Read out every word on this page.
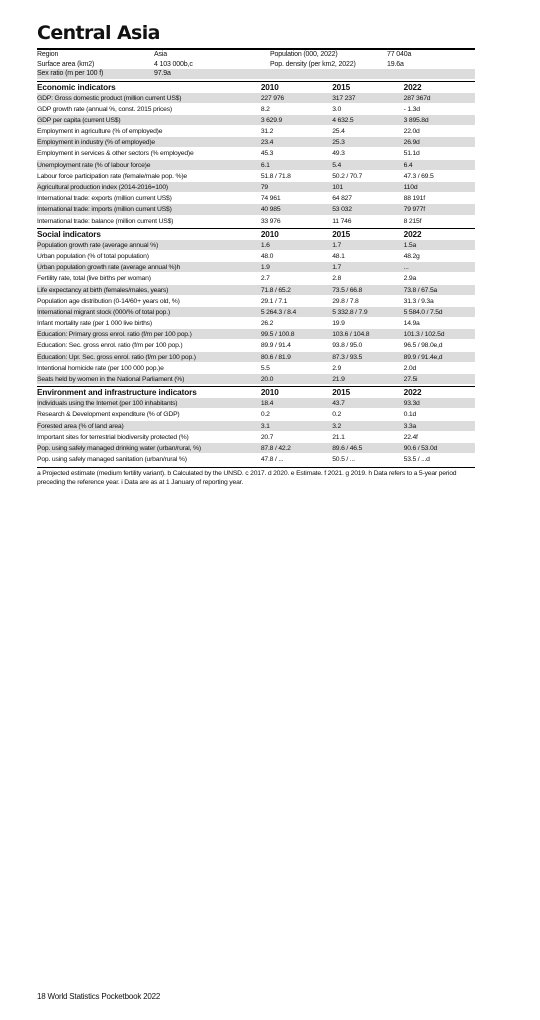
Central Asia
Region	Asia	Population (000, 2022)	77 040a
Surface area (km2)	4 103 000b,c	Pop. density (per km2, 2022)	19.6a
Sex ratio (m per 100 f)	97.9a
Economic indicators	2010	2015	2022
GDP: Gross domestic product (million current US$)	227 976	317 237	287 367d
GDP growth rate (annual %, const. 2015 prices)	8.2	3.0	- 1.3d
GDP per capita (current US$)	3 629.9	4 632.5	3 895.8d
Employment in agriculture (% of employed)e	31.2	25.4	22.0d
Employment in industry (% of employed)e	23.4	25.3	26.9d
Employment in services & other sectors (% employed)e	45.3	49.3	51.1d
Unemployment rate (% of labour force)e	6.1	5.4	6.4
Labour force participation rate (female/male pop. %)e	51.8 / 71.8	50.2 / 70.7	47.3 / 69.5
Agricultural production index (2014-2016=100)	79	101	110d
International trade: exports (million current US$)	74 961	64 827	88 191f
International trade: imports (million current US$)	40 985	53 032	79 977f
International trade: balance (million current US$)	33 976	11 746	8 215f
Social indicators	2010	2015	2022
Population growth rate (average annual %)	1.6	1.7	1.5a
Urban population (% of total population)	48.0	48.1	48.2g
Urban population growth rate (average annual %)h	1.9	1.7	...
Fertility rate, total (live births per woman)	2.7	2.8	2.9a
Life expectancy at birth (females/males, years)	71.8 / 65.2	73.5 / 66.8	73.8 / 67.5a
Population age distribution (0-14/60+ years old, %)	29.1 / 7.1	29.8 / 7.8	31.3 / 9.3a
International migrant stock (000/% of total pop.)	5 264.3 / 8.4	5 332.8 / 7.9	5 584.0 / 7.5d
Infant mortality rate (per 1 000 live births)	26.2	19.9	14.9a
Education: Primary gross enrol. ratio (f/m per 100 pop.)	99.5 / 100.8	103.6 / 104.8	101.3 / 102.5d
Education: Sec. gross enrol. ratio (f/m per 100 pop.)	89.9 / 91.4	93.8 / 95.0	96.5 / 98.0e,d
Education: Upr. Sec. gross enrol. ratio (f/m per 100 pop.)	80.6 / 81.9	87.3 / 93.5	89.9 / 91.4e,d
Intentional homicide rate (per 100 000 pop.)e	5.5	2.9	2.0d
Seats held by women in the National Parliament (%)	20.0	21.9	27.5i
Environment and infrastructure indicators	2010	2015	2022
Individuals using the Internet (per 100 inhabitants)	18.4	43.7	93.3d
Research & Development expenditure (% of GDP)	0.2	0.2	0.1d
Forested area (% of land area)	3.1	3.2	3.3a
Important sites for terrestrial biodiversity protected (%)	20.7	21.1	22.4f
Pop. using safely managed drinking water (urban/rural, %)	87.8 / 42.2	89.6 / 46.5	90.6 / 53.0d
Pop. using safely managed sanitation (urban/rural %)	47.8 / ...	50.5 / ...	53.5 / ...d
a Projected estimate (medium fertility variant). b Calculated by the UNSD. c 2017. d 2020. e Estimate. f 2021. g 2019. h Data refers to a 5-year period preceding the reference year. i Data are as at 1 January of reporting year.
18 World Statistics Pocketbook 2022
